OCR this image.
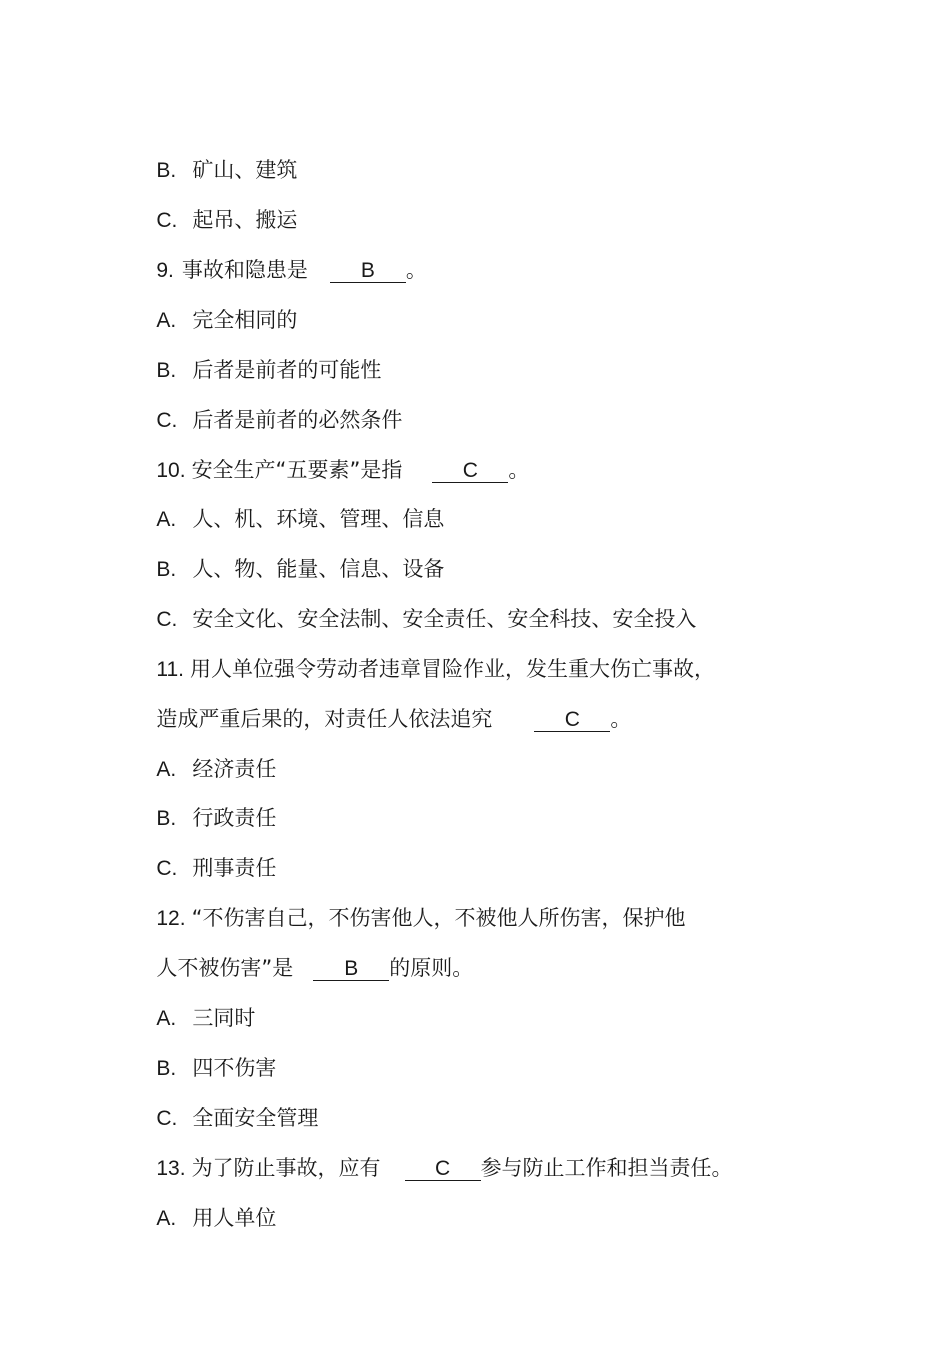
B. 矿山、建筑

C. 起吊、搬运

9. 事故和隐患是	B 。

A. 完全相同的

B. 后者是前者的可能性

C. 后者是前者的必然条件

10. 安全生产“五要素”是指	C 。

A. 人、机、环境、管理、信息

B. 人、物、能量、信息、设备

C. 安全文化、安全法制、安全责任、安全科技、安全投入

11. 用人单位强令劳动者违章冒险作业，发生重大伤亡事故，

造成严重后果的，对责任人依法追究	C 。

A. 经济责任

B. 行政责任

C. 刑事责任

12. “不伤害自己，不伤害他人，不被他人所伤害，保护他

人不被伤害”是 B 的原则。

A. 三同时

B. 四不伤害

C. 全面安全管理

13. 为了防止事故，应有	C 参与防止工作和担当责任。

A. 用人单位
